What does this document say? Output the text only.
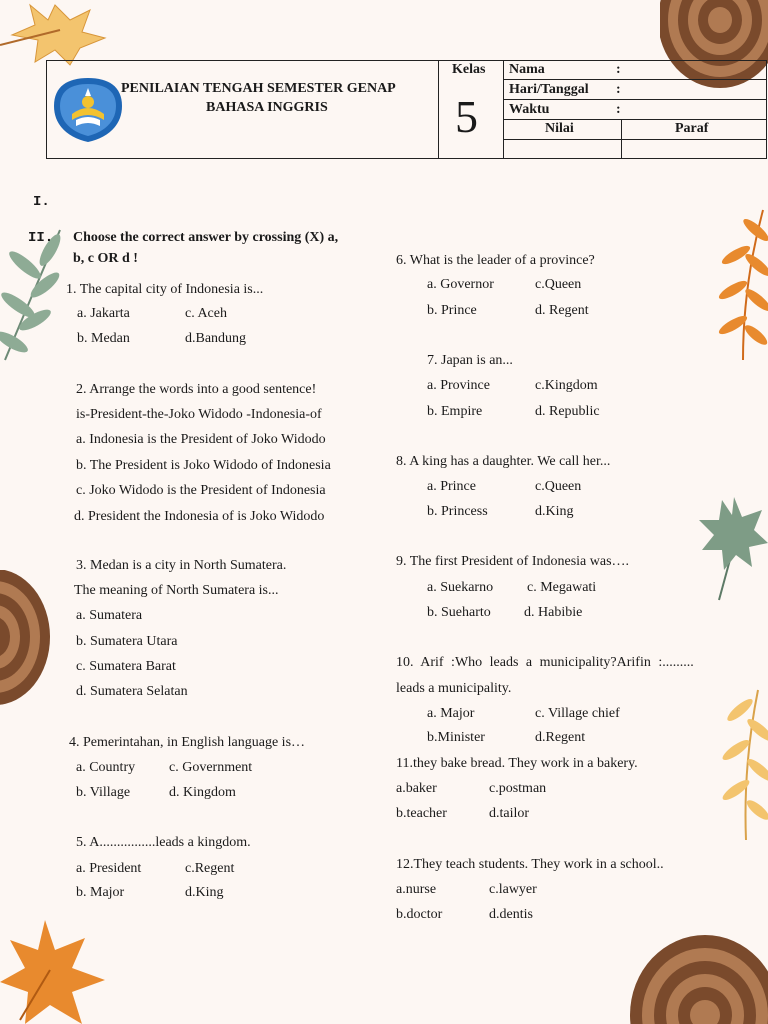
PENILAIAN TENGAH SEMESTER GENAP
BAHASA INGGRIS
Kelas
5
Nama	:
Hari/Tanggal :
Waktu	:
Nilai	Paraf
I.
II. Choose the correct answer by crossing (X) a,
b, c OR d !
1. The capital city of Indonesia is...
a. Jakarta	c. Aceh
b. Medan	d.Bandung
2. Arrange the words into a good sentence!
is-President-the-Joko Widodo -Indonesia-of
a. Indonesia is the President of Joko Widodo
b. The President is Joko Widodo of Indonesia
c. Joko Widodo is the President of Indonesia
d. President the Indonesia of is Joko Widodo
3. Medan is a city in North Sumatera.
The meaning of North Sumatera is...
a. Sumatera
b. Sumatera Utara
c. Sumatera Barat
d. Sumatera Selatan
4. Pemerintahan, in English language is…
a. Country c. Government
b. Village	d. Kingdom
5. A................leads a kingdom.
a. President	c.Regent
b. Major	d.King
6. What is the leader of a province?
a. Governor	c.Queen
b. Prince	d. Regent
7. Japan is an...
a. Province	c.Kingdom
b. Empire	d. Republic
8. A king has a daughter. We call her...
a. Prince	c.Queen
b. Princess	d.King
9. The first President of Indonesia was….
a. Suekarno c. Megawati
b. Sueharto d. Habibie
10. Arif :Who leads a municipality?Arifin :.........
leads a municipality.
a. Major	c. Village chief
b.Minister	d.Regent
11.they bake bread. They work in a bakery.
a.baker	c.postman
b.teacher	d.tailor
12.They teach students. They work in a school..
a.nurse	c.lawyer
b.doctor	d.dentis
